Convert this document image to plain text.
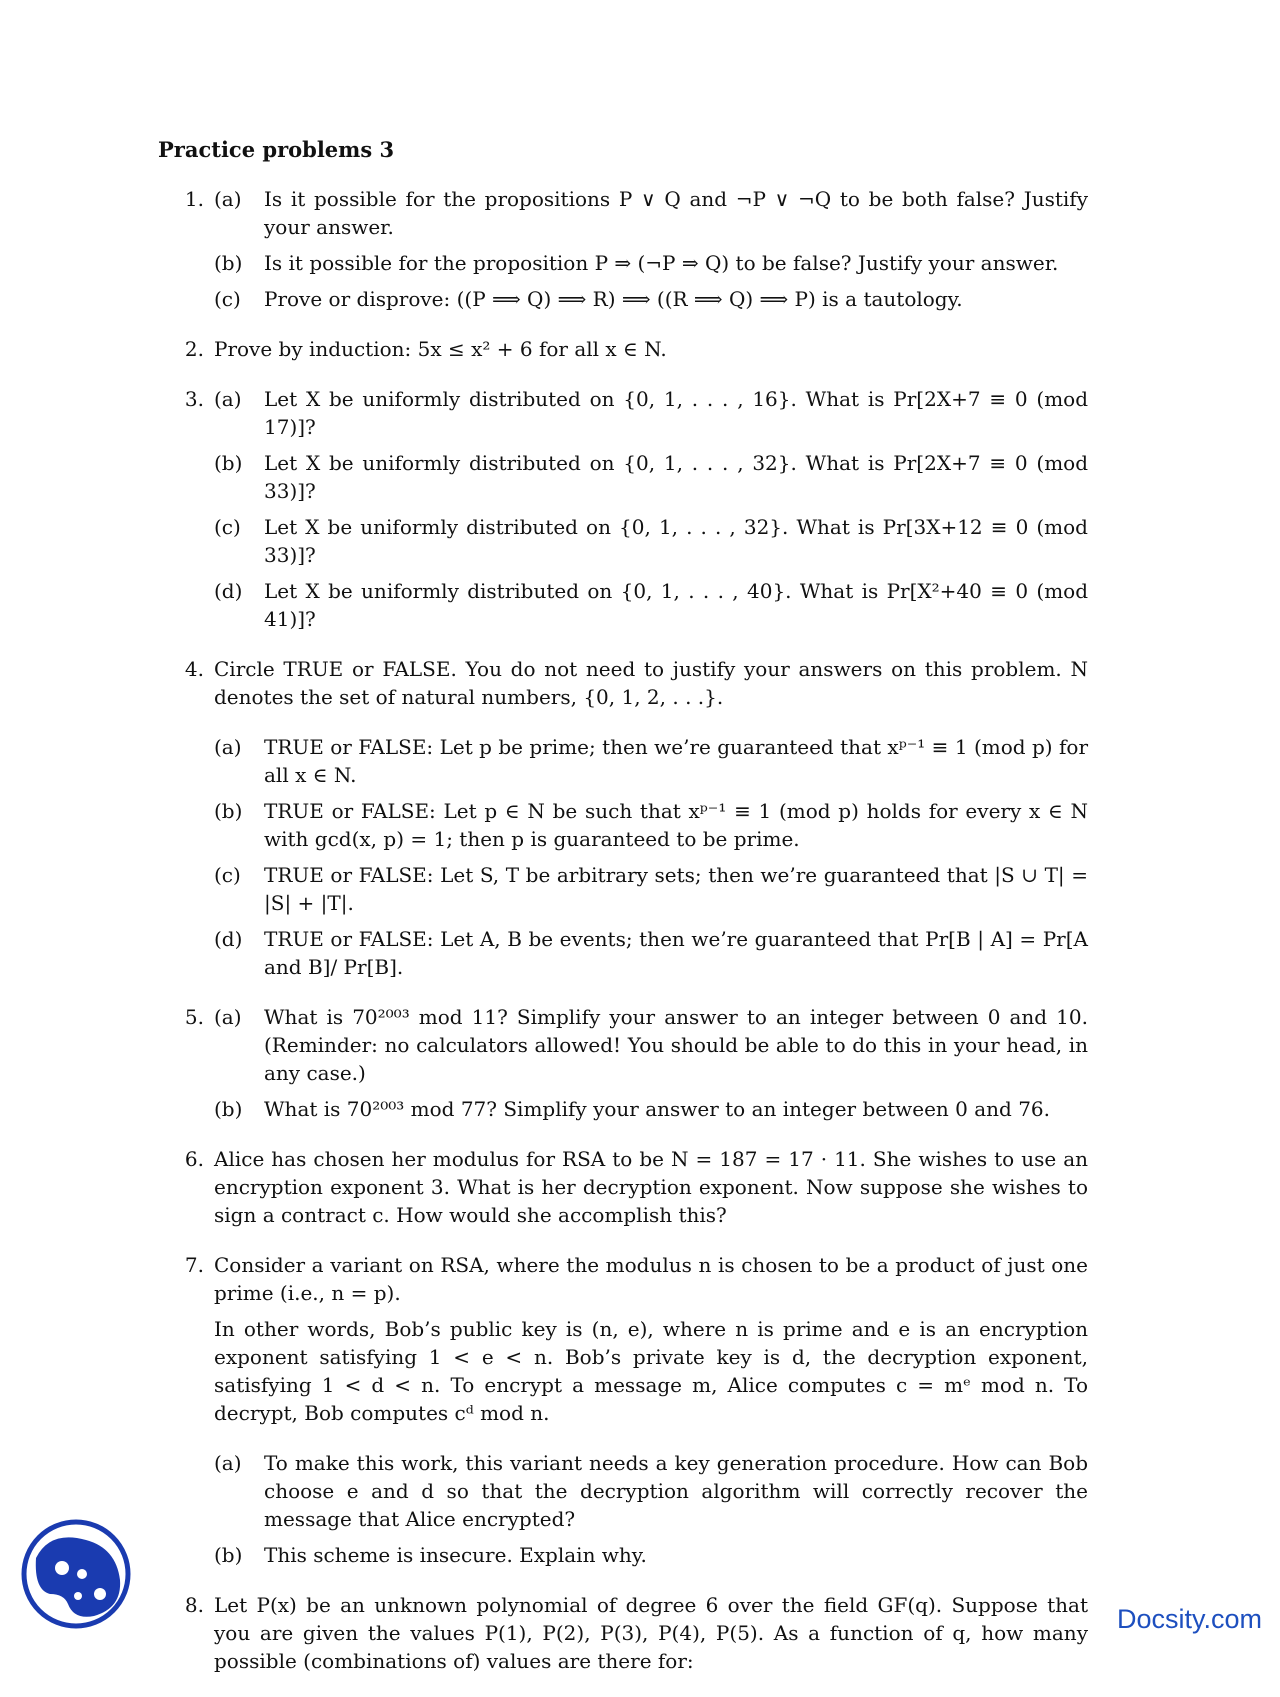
Practice problems 3
1. (a)	Is it possible for the propositions P ∨ Q and ¬P ∨ ¬Q to be both false? Justify your answer.
(b)	Is it possible for the proposition P ⇒ (¬P ⇒ Q) to be false? Justify your answer.
(c)	Prove or disprove: ((P ⟹ Q) ⟹ R) ⟹ ((R ⟹ Q) ⟹ P) is a tautology.
2. Prove by induction: 5x ≤ x² + 6 for all x ∈ N.

3. (a)	Let X be uniformly distributed on {0, 1, . . . , 16}. What is Pr[2X+7 ≡ 0 (mod 17)]?
(b)	Let X be uniformly distributed on {0, 1, . . . , 32}. What is Pr[2X+7 ≡ 0 (mod 33)]?
(c)	Let X be uniformly distributed on {0, 1, . . . , 32}. What is Pr[3X+12 ≡ 0 (mod 33)]?
(d)	Let X be uniformly distributed on {0, 1, . . . , 40}. What is Pr[X²+40 ≡ 0 (mod 41)]?
4. Circle TRUE or FALSE. You do not need to justify your answers on this problem. N denotes the set of natural numbers, {0, 1, 2, . . .}.

(a)	TRUE or FALSE: Let p be prime; then we’re guaranteed that xᵖ⁻¹ ≡ 1 (mod p) for all x ∈ N.
(b)	TRUE or FALSE: Let p ∈ N be such that xᵖ⁻¹ ≡ 1 (mod p) holds for every x ∈ N with gcd(x, p) = 1; then p is guaranteed to be prime.
(c)	TRUE or FALSE: Let S, T be arbitrary sets; then we’re guaranteed that |S ∪ T| = |S| + |T|.
(d)	TRUE or FALSE: Let A, B be events; then we’re guaranteed that Pr[B | A] = Pr[A and B]/ Pr[B].
5. (a)	What is 70²⁰⁰³ mod 11? Simplify your answer to an integer between 0 and 10. (Reminder: no calculators allowed! You should be able to do this in your head, in any case.)
(b)	What is 70²⁰⁰³ mod 77? Simplify your answer to an integer between 0 and 76.
6. Alice has chosen her modulus for RSA to be N = 187 = 17 · 11. She wishes to use an encryption exponent 3. What is her decryption exponent. Now suppose she wishes to sign a contract c. How would she accomplish this?

7. Consider a variant on RSA, where the modulus n is chosen to be a product of just one prime (i.e., n = p).

In other words, Bob’s public key is (n, e), where n is prime and e is an encryption exponent satisfying 1 < e < n. Bob’s private key is d, the decryption exponent, satisfying 1 < d < n. To encrypt a message m, Alice computes c = mᵉ mod n. To decrypt, Bob computes cᵈ mod n.

(a)	To make this work, this variant needs a key generation procedure. How can Bob choose e and d so that the decryption algorithm will correctly recover the message that Alice encrypted?
(b)	This scheme is insecure. Explain why.
8. Let P(x) be an unknown polynomial of degree 6 over the field GF(q). Suppose that you are given the values P(1), P(2), P(3), P(4), P(5). As a function of q, how many possible (combinations of) values are there for:

Docsity.com
